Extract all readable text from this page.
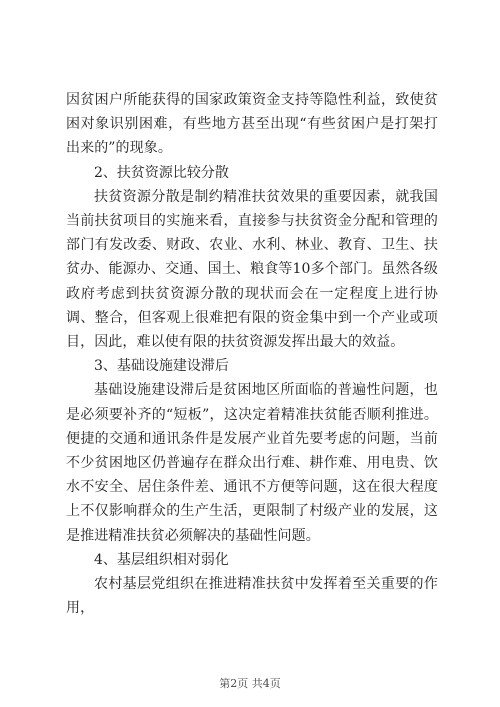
因贫困户所能获得的国家政策资金支持等隐性利益，致使贫困对象识别困难，有些地方甚至出现“有些贫困户是打架打出来的”的现象。

2、扶贫资源比较分散

扶贫资源分散是制约精准扶贫效果的重要因素，就我国当前扶贫项目的实施来看，直接参与扶贫资金分配和管理的部门有发改委、财政、农业、水利、林业、教育、卫生、扶贫办、能源办、交通、国土、粮食等10多个部门。虽然各级政府考虑到扶贫资源分散的现状而会在一定程度上进行协调、整合，但客观上很难把有限的资金集中到一个产业或项目，因此，难以使有限的扶贫资源发挥出最大的效益。

3、基础设施建设滞后

基础设施建设滞后是贫困地区所面临的普遍性问题，也是必须要补齐的“短板”，这决定着精准扶贫能否顺利推进。便捷的交通和通讯条件是发展产业首先要考虑的问题，当前不少贫困地区仍普遍存在群众出行难、耕作难、用电贵、饮水不安全、居住条件差、通讯不方便等问题，这在很大程度上不仅影响群众的生产生活，更限制了村级产业的发展，这是推进精准扶贫必须解决的基础性问题。

4、基层组织相对弱化

农村基层党组织在推进精准扶贫中发挥着至关重要的作用，

第2页 共4页
